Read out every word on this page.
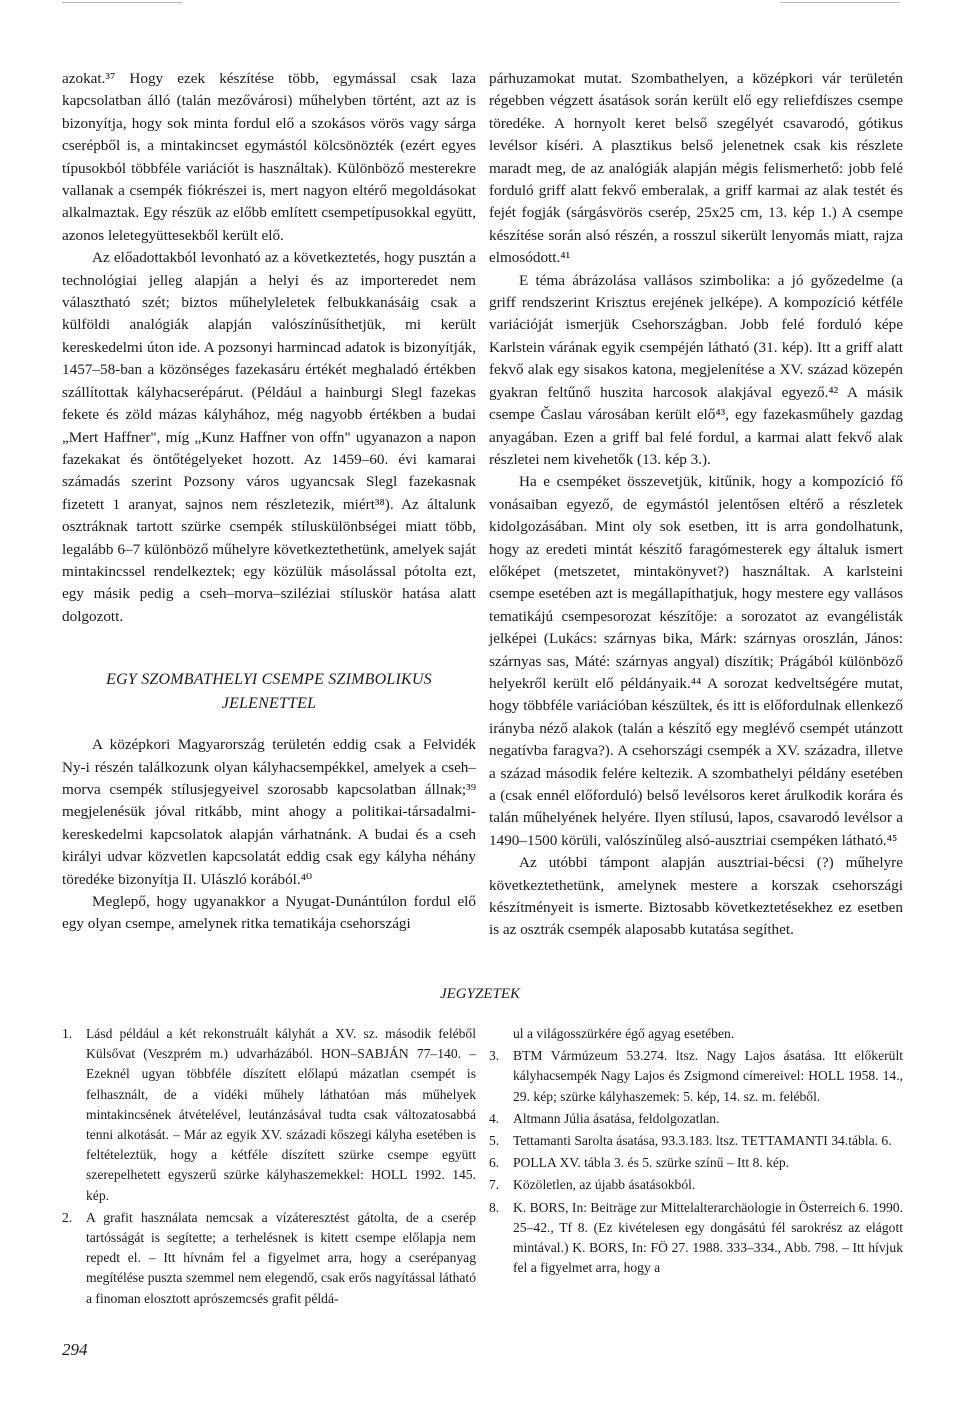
azokat.³⁷ Hogy ezek készítése több, egymással csak laza kapcsolatban álló (talán mezővárosi) műhelyben történt, azt az is bizonyítja, hogy sok minta fordul elő a szokásos vörös vagy sárga cserépből is, a mintakincset egymástól kölcsönözték (ezért egyes típusokból többféle variációt is használtak). Különböző mesterekre vallanak a csempék fiókrészei is, mert nagyon eltérő megoldásokat alkalmaztak. Egy részük az előbb említett csempetípusokkal együtt, azonos leletegyüttesekből került elő.

Az előadottakból levonható az a következtetés, hogy pusztán a technológiai jelleg alapján a helyi és az importeredet nem választható szét; biztos műhelyleletek felbukkanásáig csak a külföldi analógiák alapján valószínűsíthetjük, mi került kereskedelmi úton ide. A pozsonyi harmincad adatok is bizonyítják, 1457–58-ban a közönséges fazekasáru értékét meghaladó értékben szállítottak kályhacserépárut. (Például a hainburgi Slegl fazekas fekete és zöld mázas kályhához, még nagyobb értékben a budai „Mert Haffner", míg „Kunz Haffner von offn" ugyanazon a napon fazekakat és öntőtégelyeket hozott. Az 1459–60. évi kamarai számadás szerint Pozsony város ugyancsak Slegl fazekasnak fizetett 1 aranyat, sajnos nem részletezik, miért³⁸). Az általunk osztráknak tartott szürke csempék stíluskülönbségei miatt több, legalább 6–7 különböző műhelyre következtethetünk, amelyek saját mintakincssel rendelkeztek; egy közülük másolással pótolta ezt, egy másik pedig a cseh–morva–sziléziai stíluskör hatása alatt dolgozott.

EGY SZOMBATHELYI CSEMPE SZIMBOLIKUS JELENETTEL

A középkori Magyarország területén eddig csak a Felvidék Ny-i részén találkozunk olyan kályhacsempékkel, amelyek a cseh–morva csempék stílusjegyeivel szorosabb kapcsolatban állnak;³⁹ megjelenésük jóval ritkább, mint ahogy a politikai-társadalmi-kereskedelmi kapcsolatok alapján várhatnánk. A budai és a cseh királyi udvar közvetlen kapcsolatát eddig csak egy kályha néhány töredéke bizonyítja II. Ulászló korából.⁴⁰

Meglepő, hogy ugyanakkor a Nyugat-Dunántúlon fordul elő egy olyan csempe, amelynek ritka tematikája csehországi

párhuzamokat mutat. Szombathelyen, a középkori vár területén régebben végzett ásatások során került elő egy reliefdíszes csempe töredéke. A hornyolt keret belső szegélyét csavarodó, gótikus levélsor kíséri. A plasztikus belső jelenetnek csak kis részlete maradt meg, de az analógiák alapján mégis felismerhető: jobb felé forduló griff alatt fekvő emberalak, a griff karmai az alak testét és fejét fogják (sárgásvörös cserép, 25x25 cm, 13. kép 1.) A csempe készítése során alsó részén, a rosszul sikerült lenyomás miatt, rajza elmosódott.⁴¹

E téma ábrázolása vallásos szimbolika: a jó győzedelme (a griff rendszerint Krisztus erejének jelképe). A kompozíció kétféle variációját ismerjük Csehországban. Jobb felé forduló képe Karlstein várának egyik csempéjén látható (31. kép). Itt a griff alatt fekvő alak egy sisakos katona, megjelenítése a XV. század közepén gyakran feltűnő huszita harcosok alakjával egyező.⁴² A másik csempe Časlau városában került elő⁴³, egy fazekasműhely gazdag anyagában. Ezen a griff bal felé fordul, a karmai alatt fekvő alak részletei nem kivehetők (13. kép 3.).

Ha e csempéket összevetjük, kitűnik, hogy a kompozíció fő vonásaiban egyező, de egymástól jelentősen eltérő a részletek kidolgozásában. Mint oly sok esetben, itt is arra gondolhatunk, hogy az eredeti mintát készítő faragómesterek egy általuk ismert előképet (metszetet, mintakönyvet?) használtak. A karlsteini csempe esetében azt is megállapíthatjuk, hogy mestere egy vallásos tematikájú csempesorozat készítője: a sorozatot az evangélisták jelképei (Lukács: szárnyas bika, Márk: szárnyas oroszlán, János: szárnyas sas, Máté: szárnyas angyal) díszítik; Prágából különböző helyekről került elő példányaik.⁴⁴ A sorozat kedveltségére mutat, hogy többféle variációban készültek, és itt is előfordulnak ellenkező irányba néző alakok (talán a készítő egy meglévő csempét utánzott negatívba faragva?). A csehországi csempék a XV. századra, illetve a század második felére keltezik. A szombathelyi példány esetében a (csak ennél előforduló) belső levélsoros keret árulkodik korára és talán műhelyének helyére. Ilyen stílusú, lapos, csavarodó levélsor a 1490–1500 körüli, valószínűleg alsó-ausztriai csempéken látható.⁴⁵

Az utóbbi támpont alapján ausztriai-bécsi (?) műhelyre következtethetünk, amelynek mestere a korszak csehországi készítményeit is ismerte. Biztosabb következtetésekhez ez esetben is az osztrák csempék alaposabb kutatása segíthet.

JEGYZETEK
1. Lásd például a két rekonstruált kályhát a XV. sz. második feléből Külsővat (Veszprém m.) udvarházából. HON–SABJÁN 77–140. – Ezeknél ugyan többféle díszített előlapú mázatlan csempét is felhasznált, de a vidéki műhely láthatóan más műhelyek mintakincsének átvételével, leutánzásával tudta csak változatosabbá tenni alkotását. – Már az egyik XV. századi kőszegi kályha esetében is feltételeztük, hogy a kétféle díszített szürke csempe együtt szerepelhetett egyszerű szürke kályhaszemekkel: HOLL 1992. 145. kép.
2. A grafit használata nemcsak a vízáteresztést gátolta, de a cserép tartósságát is segítette; a terhelésnek is kitett csempe előlapja nem repedt el. – Itt hívnám fel a figyelmet arra, hogy a cserépanyag megítélése puszta szemmel nem elegendő, csak erős nagyítással látható a finoman elosztott aprószemcsés grafit példá-
ul a világosszürkére égő agyag esetében.
3. BTM Vármúzeum 53.274. ltsz. Nagy Lajos ásatása. Itt előkerült kályhacsempék Nagy Lajos és Zsigmond címereivel: HOLL 1958. 14., 29. kép; szürke kályhaszemek: 5. kép, 14. sz. m. feléből.
4. Altmann Júlia ásatása, feldolgozatlan.
5. Tettamanti Sarolta ásatása, 93.3.183. ltsz. TETTAMANTI 34.tábla. 6.
6. POLLA XV. tábla 3. és 5. szürke színű – Itt 8. kép.
7. Közöletlen, az újabb ásatásokból.
8. K. BORS, In: Beiträge zur Mittelalterarchäologie in Österreich 6. 1990. 25–42., Tf 8. (Ez kivételesen egy dongásátú fél sarokrész az elágott mintával.) K. BORS, In: FÖ 27. 1988. 333–334., Abb. 798. – Itt hívjuk fel a figyelmet arra, hogy a
294
